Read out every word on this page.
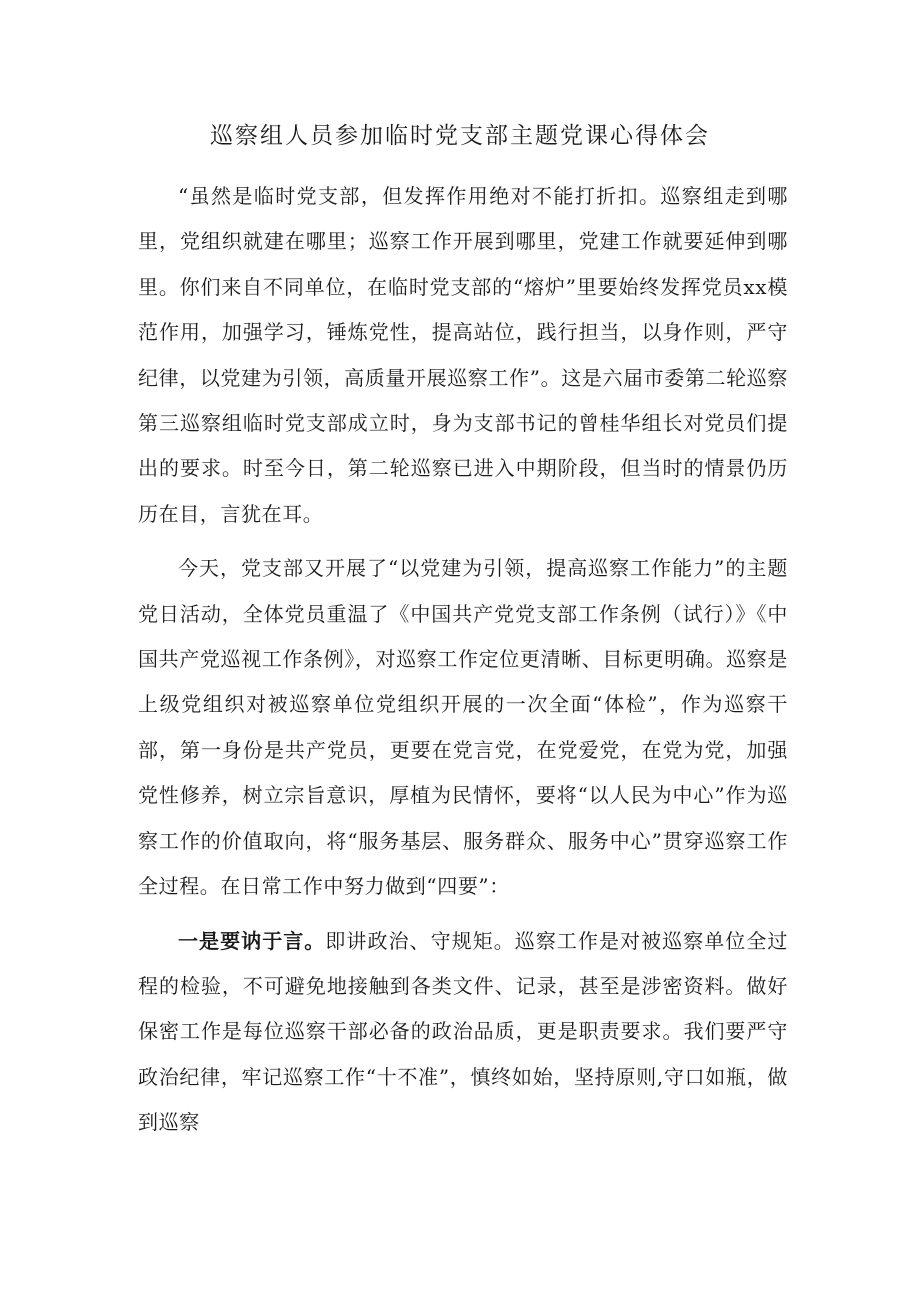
巡察组人员参加临时党支部主题党课心得体会

“虽然是临时党支部，但发挥作用绝对不能打折扣。巡察组走到哪里，党组织就建在哪里；巡察工作开展到哪里，党建工作就要延伸到哪里。你们来自不同单位，在临时党支部的“熔炉”里要始终发挥党员xx模范作用，加强学习，锤炼党性，提高站位，践行担当，以身作则，严守纪律，以党建为引领，高质量开展巡察工作”。这是六届市委第二轮巡察第三巡察组临时党支部成立时，身为支部书记的曾桂华组长对党员们提出的要求。时至今日，第二轮巡察已进入中期阶段，但当时的情景仍历历在目，言犹在耳。

今天，党支部又开展了“以党建为引领，提高巡察工作能力”的主题党日活动，全体党员重温了《中国共产党党支部工作条例（试行）》《中国共产党巡视工作条例》，对巡察工作定位更清晰、目标更明确。巡察是上级党组织对被巡察单位党组织开展的一次全面“体检”，作为巡察干部，第一身份是共产党员，更要在党言党，在党爱党，在党为党，加强党性修养，树立宗旨意识，厚植为民情怀，要将“以人民为中心”作为巡察工作的价值取向，将“服务基层、服务群众、服务中心”贯穿巡察工作全过程。在日常工作中努力做到“四要”：

一是要讷于言。即讲政治、守规矩。巡察工作是对被巡察单位全过程的检验，不可避免地接触到各类文件、记录，甚至是涉密资料。做好保密工作是每位巡察干部必备的政治品质，更是职责要求。我们要严守政治纪律，牢记巡察工作“十不准”，慎终如始，坚持原则,守口如瓶，做到巡察
